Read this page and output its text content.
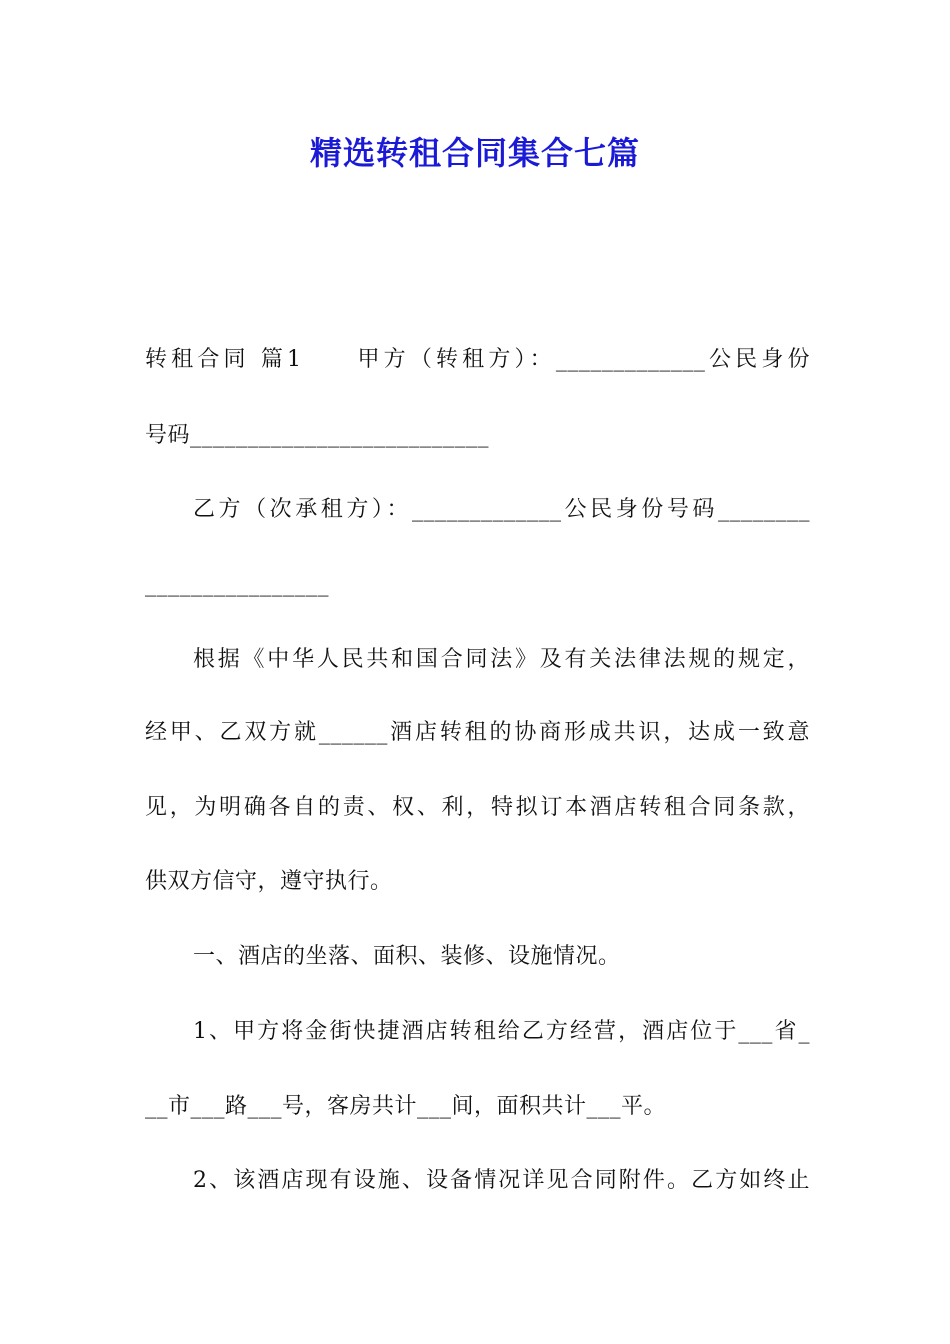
精选转租合同集合七篇
转租合同 篇1　　甲方（转租方）：_____________公民身份
号码__________________________
乙方（次承租方）：_____________公民身份号码________
________________
根据《中华人民共和国合同法》及有关法律法规的规定，
经甲、乙双方就______酒店转租的协商形成共识，达成一致意
见，为明确各自的责、权、利，特拟订本酒店转租合同条款，
供双方信守，遵守执行。
一、酒店的坐落、面积、装修、设施情况。
1、甲方将金街快捷酒店转租给乙方经营，酒店位于___省_
__市___路___号，客房共计___间，面积共计___平。
2、该酒店现有设施、设备情况详见合同附件。乙方如终止
